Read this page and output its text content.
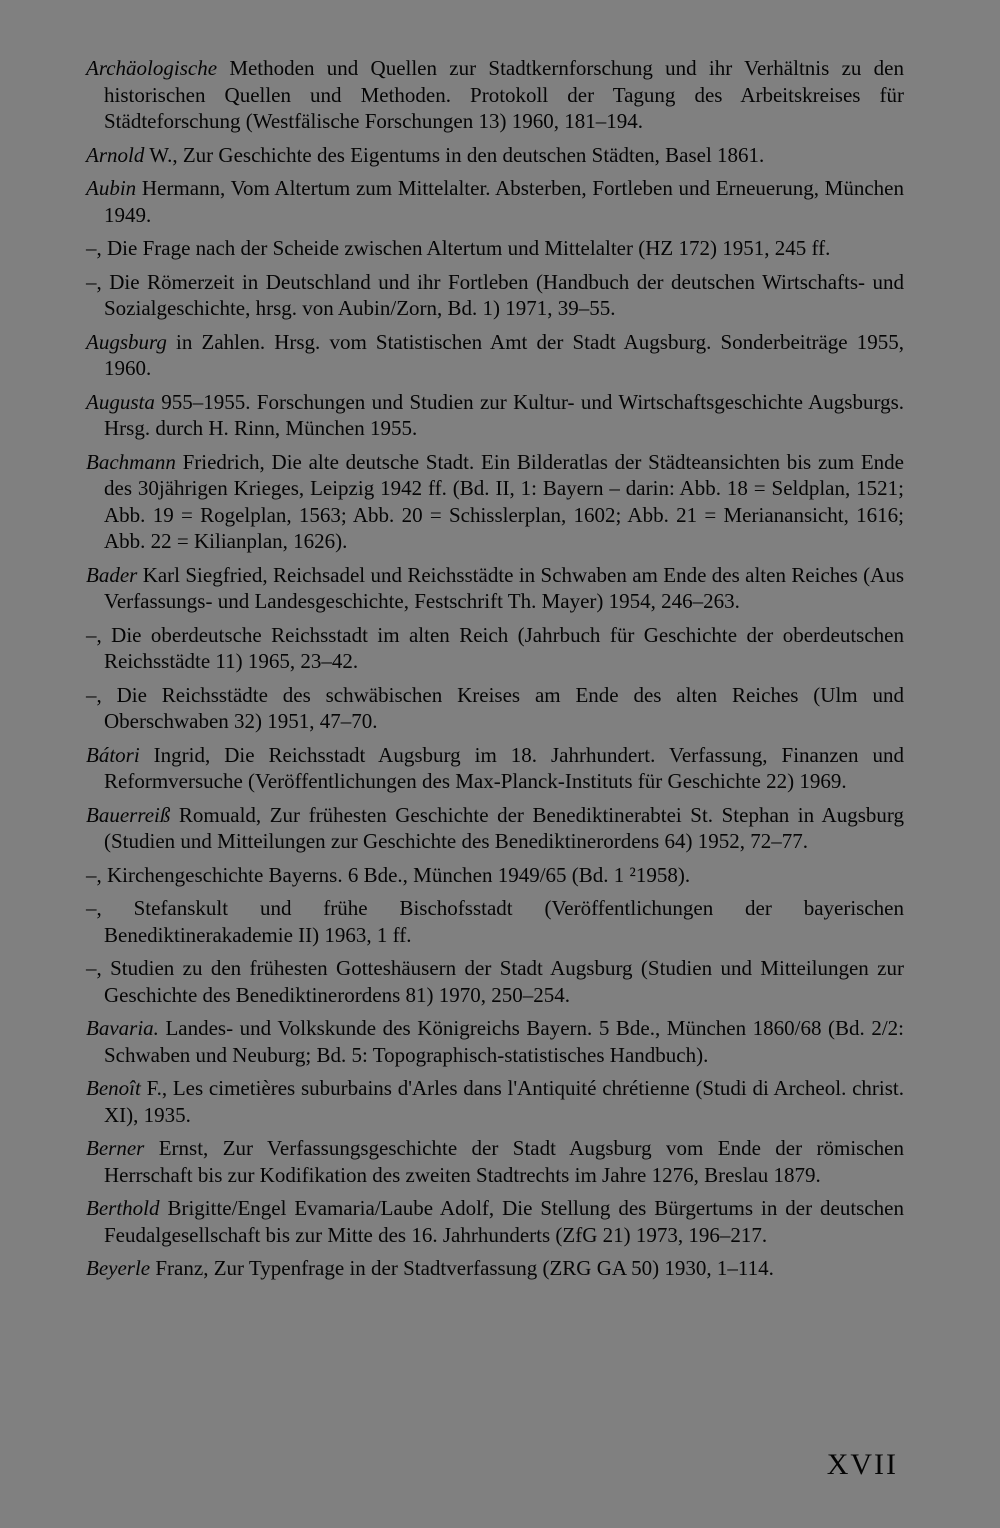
Archäologische Methoden und Quellen zur Stadtkernforschung und ihr Verhältnis zu den historischen Quellen und Methoden. Protokoll der Tagung des Arbeitskreises für Städteforschung (Westfälische Forschungen 13) 1960, 181–194.

Arnold W., Zur Geschichte des Eigentums in den deutschen Städten, Basel 1861.

Aubin Hermann, Vom Altertum zum Mittelalter. Absterben, Fortleben und Erneuerung, München 1949.

–, Die Frage nach der Scheide zwischen Altertum und Mittelalter (HZ 172) 1951, 245 ff.

–, Die Römerzeit in Deutschland und ihr Fortleben (Handbuch der deutschen Wirtschafts- und Sozialgeschichte, hrsg. von Aubin/Zorn, Bd. 1) 1971, 39–55.

Augsburg in Zahlen. Hrsg. vom Statistischen Amt der Stadt Augsburg. Sonderbeiträge 1955, 1960.

Augusta 955–1955. Forschungen und Studien zur Kultur- und Wirtschaftsgeschichte Augsburgs. Hrsg. durch H. Rinn, München 1955.

Bachmann Friedrich, Die alte deutsche Stadt. Ein Bilderatlas der Städteansichten bis zum Ende des 30jährigen Krieges, Leipzig 1942 ff. (Bd. II, 1: Bayern – darin: Abb. 18 = Seldplan, 1521; Abb. 19 = Rogelplan, 1563; Abb. 20 = Schisslerplan, 1602; Abb. 21 = Merianansicht, 1616; Abb. 22 = Kilianplan, 1626).

Bader Karl Siegfried, Reichsadel und Reichsstädte in Schwaben am Ende des alten Reiches (Aus Verfassungs- und Landesgeschichte, Festschrift Th. Mayer) 1954, 246–263.

–, Die oberdeutsche Reichsstadt im alten Reich (Jahrbuch für Geschichte der oberdeutschen Reichsstädte 11) 1965, 23–42.

–, Die Reichsstädte des schwäbischen Kreises am Ende des alten Reiches (Ulm und Oberschwaben 32) 1951, 47–70.

Bátori Ingrid, Die Reichsstadt Augsburg im 18. Jahrhundert. Verfassung, Finanzen und Reformversuche (Veröffentlichungen des Max-Planck-Instituts für Geschichte 22) 1969.

Bauerreiß Romuald, Zur frühesten Geschichte der Benediktinerabtei St. Stephan in Augsburg (Studien und Mitteilungen zur Geschichte des Benediktinerordens 64) 1952, 72–77.

–, Kirchengeschichte Bayerns. 6 Bde., München 1949/65 (Bd. 1 ²1958).

–, Stefanskult und frühe Bischofsstadt (Veröffentlichungen der bayerischen Benediktinerakademie II) 1963, 1 ff.

–, Studien zu den frühesten Gotteshäusern der Stadt Augsburg (Studien und Mitteilungen zur Geschichte des Benediktinerordens 81) 1970, 250–254.

Bavaria. Landes- und Volkskunde des Königreichs Bayern. 5 Bde., München 1860/68 (Bd. 2/2: Schwaben und Neuburg; Bd. 5: Topographisch-statistisches Handbuch).

Benoît F., Les cimetières suburbains d'Arles dans l'Antiquité chrétienne (Studi di Archeol. christ. XI), 1935.

Berner Ernst, Zur Verfassungsgeschichte der Stadt Augsburg vom Ende der römischen Herrschaft bis zur Kodifikation des zweiten Stadtrechts im Jahre 1276, Breslau 1879.

Berthold Brigitte/Engel Evamaria/Laube Adolf, Die Stellung des Bürgertums in der deutschen Feudalgesellschaft bis zur Mitte des 16. Jahrhunderts (ZfG 21) 1973, 196–217.

Beyerle Franz, Zur Typenfrage in der Stadtverfassung (ZRG GA 50) 1930, 1–114.

XVII
